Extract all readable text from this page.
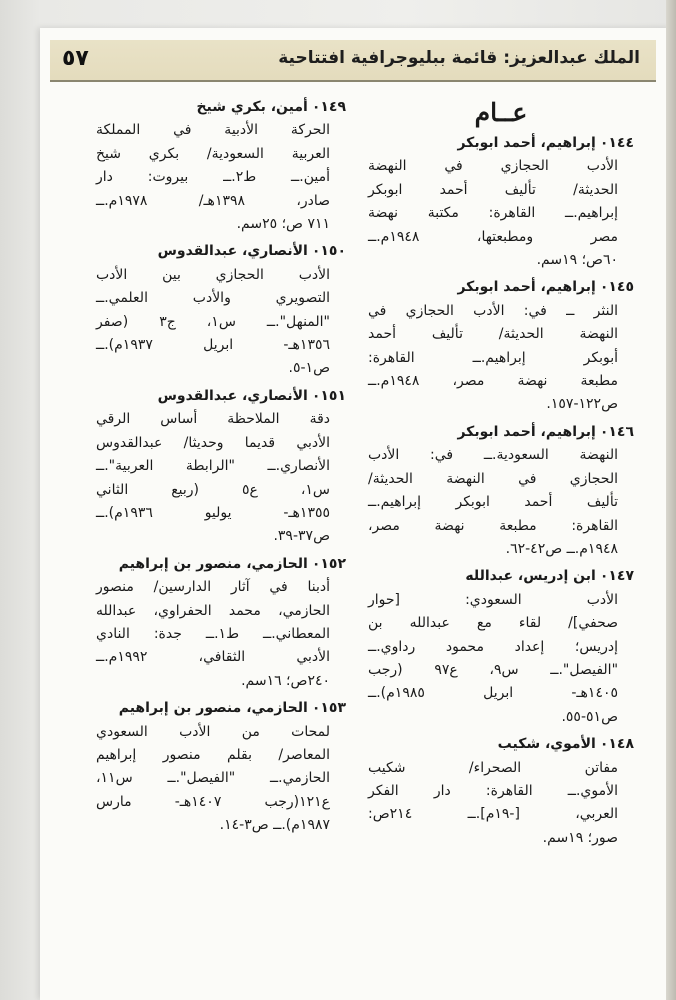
٥٧	الملك عبدالعزيز: قائمة ببليوجرافية افتتاحية
عــام
٠١٤٤إبراهيم، أحمد ابوبكر
الأدب الحجازي في النهضة
الحديثة/ تأليف أحمد ابوبكر
إبراهيم.ــ القاهرة: مكتبة نهضة
مصر ومطبعتها، ١٩٤٨م.ــ
٦٠ص؛ ١٩سم.
٠١٤٥إبراهيم، أحمد ابوبكر
النثر ــ في: الأدب الحجازي في
النهضة الحديثة/ تأليف أحمد
أبوبكر إبراهيم.ــ القاهرة:
مطبعة نهضة مصر، ١٩٤٨م.ــ
ص١٢٢-١٥٧.
٠١٤٦إبراهيم، أحمد ابوبكر
النهضة السعودية.ــ في: الأدب
الحجازي في النهضة الحديثة/
تأليف أحمد ابوبكر إبراهيم.ــ
القاهرة: مطبعة نهضة مصر،
١٩٤٨م.ــ ص٤٢-٦٢.
٠١٤٧ابن إدريس، عبدالله
الأدب السعودي: [حوار
صحفي]/ لقاء مع عبدالله بن
إدريس؛ إعداد محمود رداوي.ــ
"الفيصل".ــ س٩، ع٩٧ (رجب
١٤٠٥هـ- ابريل ١٩٨٥م).ــ
ص٥١-٥٥.
٠١٤٨الأموي، شكيب
مفاتن الصحراء/ شكيب
الأموي.ــ القاهرة: دار الفكر
العربي، [-١٩م].ــ ٢١٤ص:
صور؛ ١٩سم.
٠١٤٩أمين، بكري شيخ
الحركة الأدبية في المملكة
العربية السعودية/ بكري شيخ
أمين.ــ ط٢.ــ بيروت: دار
صادر، ١٣٩٨هـ/ ١٩٧٨م.ــ
٧١١ ص؛ ٢٥سم.
٠١٥٠الأنصاري، عبدالقدوس
الأدب الحجازي بين الأدب
التصويري والأدب العلمي.ــ
"المنهل".ــ س١، ج٣ (صفر
١٣٥٦هـ- ابريل ١٩٣٧م).ــ
ص١-٥.
٠١٥١الأنصاري، عبدالقدوس
دقة الملاحظة أساس الرقي
الأدبي قديما وحديثا/ عبدالقدوس
الأنصاري.ــ "الرابطة العربية".ــ
س١، ع٥ (ربيع الثاني
١٣٥٥هـ- يوليو ١٩٣٦م).ــ
ص٣٧-٣٩.
٠١٥٢الحازمي، منصور بن إبراهيم
أدبنا في آثار الدارسين/ منصور
الحازمي، محمد الحفراوي، عبدالله
المعطاني.ــ ط١.ــ جدة: النادي
الأدبي الثقافي، ١٩٩٢م.ــ
٢٤٠ص؛ ١٦سم.
٠١٥٣الحازمي، منصور بن إبراهيم
لمحات من الأدب السعودي
المعاصر/ بقلم منصور إبراهيم
الحازمي.ــ "الفيصل".ــ س١١،
ع١٢١(رجب ١٤٠٧هـ- مارس
١٩٨٧م).ــ ص٣-١٤.
